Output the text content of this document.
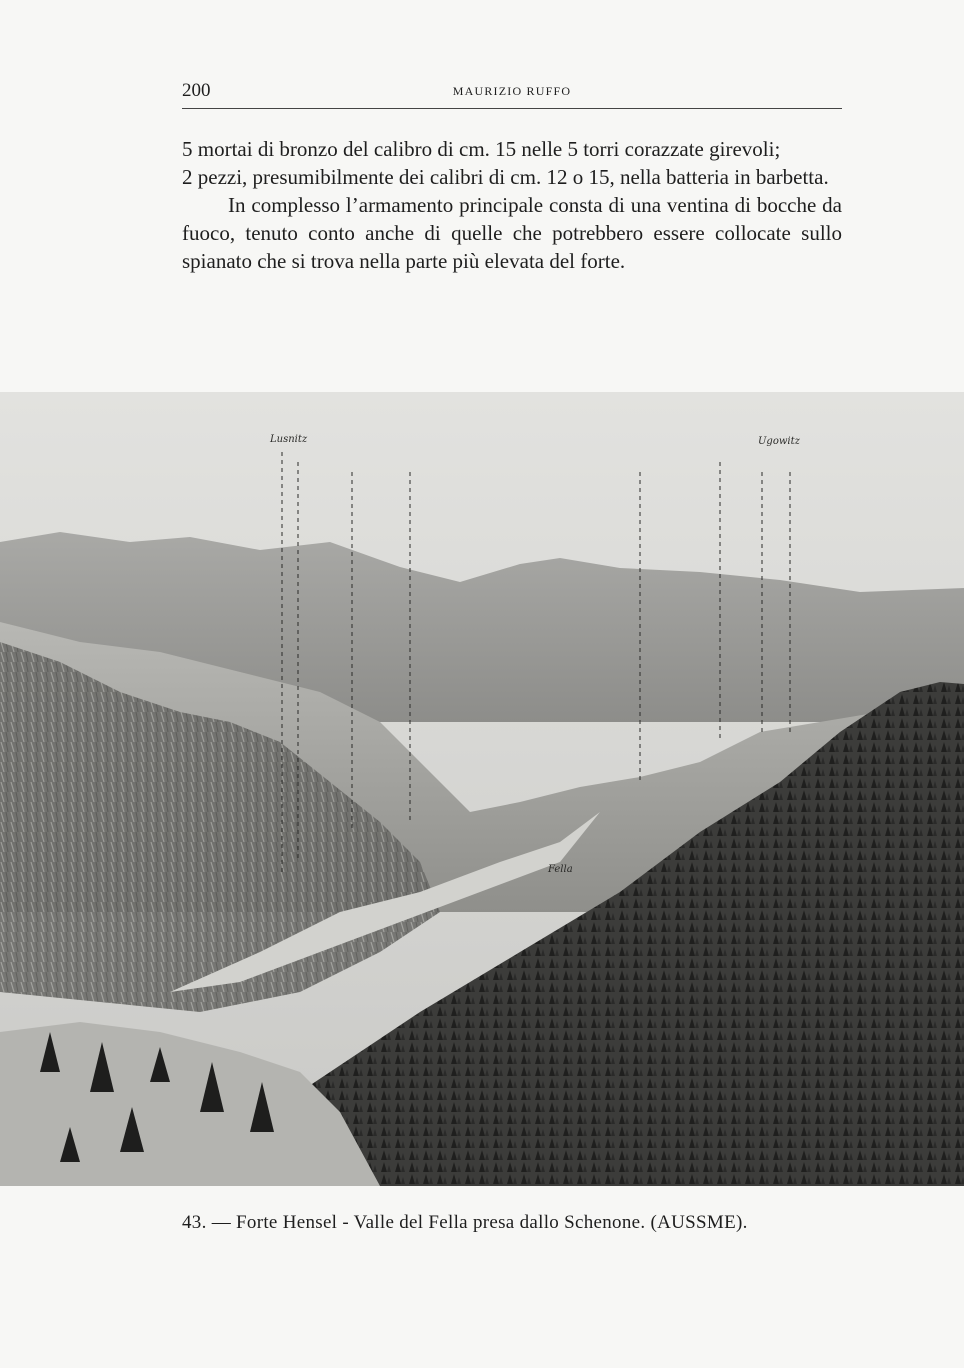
200	MAURIZIO RUFFO

5 mortai di bronzo del calibro di cm. 15 nelle 5 torri corazzate girevoli;

2 pezzi, presumibilmente dei calibri di cm. 12 o 15, nella batteria in barbetta.

In complesso l’armamento principale consta di una ventina di bocche da fuoco, tenuto conto anche di quelle che potrebbero essere collocate sullo spianato che si trova nella parte più elevata del forte.

Lusnitz	Ugowitz
Fella
43. — Forte Hensel - Valle del Fella presa dallo Schenone. (AUSSME).
